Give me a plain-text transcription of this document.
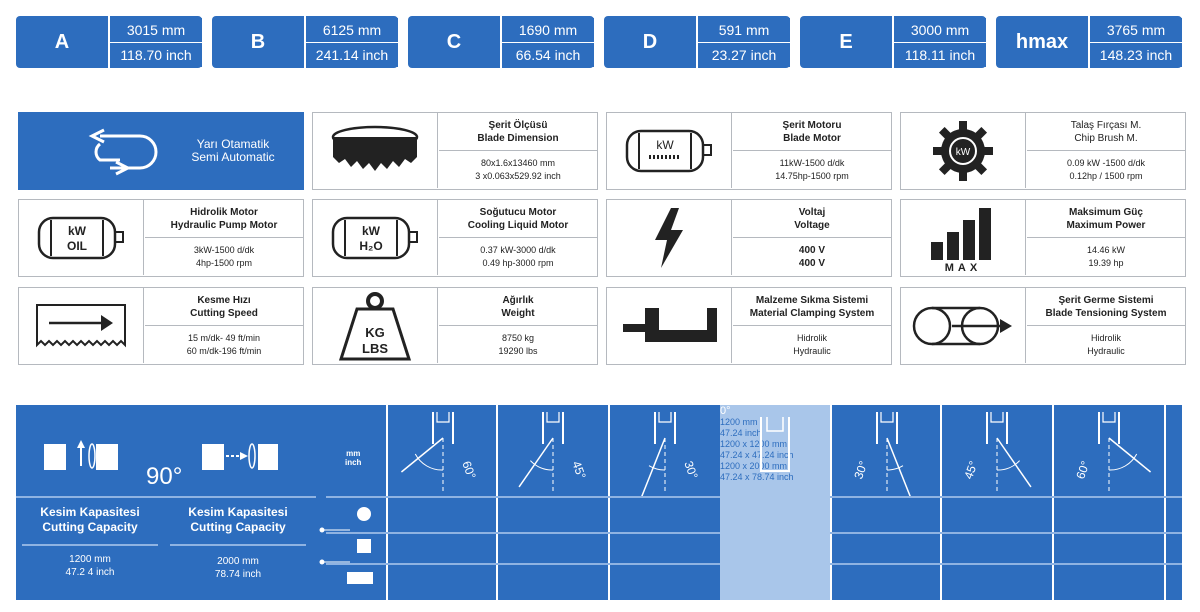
A
3015 mm
118.70 inch
B
6125 mm
241.14 inch
C
1690 mm
66.54 inch
D
591 mm
23.27 inch
E
3000 mm
118.11 inch
hmax
3765 mm
148.23 inch
Yarı Otamatik
Semi Automatic
Şerit Ölçüsü
Blade Dimension
80x1.6x13460 mm
3 x0.063x529.92 inch
kW
Şerit Motoru
Blade Motor
11kW-1500 d/dk
14.75hp-1500 rpm
kW
Talaş Fırçası M.
Chip Brush M.
0.09 kW -1500 d/dk
0.12hp / 1500 rpm
kW
OIL
Hidrolik Motor
Hydraulic Pump Motor
3kW-1500 d/dk
4hp-1500 rpm
kW
H₂O
Soğutucu Motor
Cooling Liquid Motor
0.37 kW-3000 d/dk
0.49 hp-3000 rpm
Voltaj
Voltage
400 V
400 V	MAX
Maksimum Güç
Maximum Power
14.46 kW
19.39 hp
Kesme Hızı
Cutting Speed
15 m/dk- 49 ft/min
60 m/dk-196 ft/min
KG
LBS
Ağırlık
Weight
8750 kg
19290 lbs
Malzeme Sıkma Sistemi
Material Clamping System
Hidrolik
Hydraulic
Şerit Germe Sistemi
Blade Tensioning System
Hidrolik
Hydraulic
0°
1200 mm
47.24 inch
1200 x 1200 mm
47.24 x 47.24 inch
1200 x 2000 mm
47.24 x 78.74 inch
90°
mm
inch
Kesim Kapasitesi
Cutting Capacity
1200 mm
47.2 4 inch
Kesim Kapasitesi
Cutting Capacity
2000 mm
78.74 inch
60°	45°	30°	30°	45°	60°
